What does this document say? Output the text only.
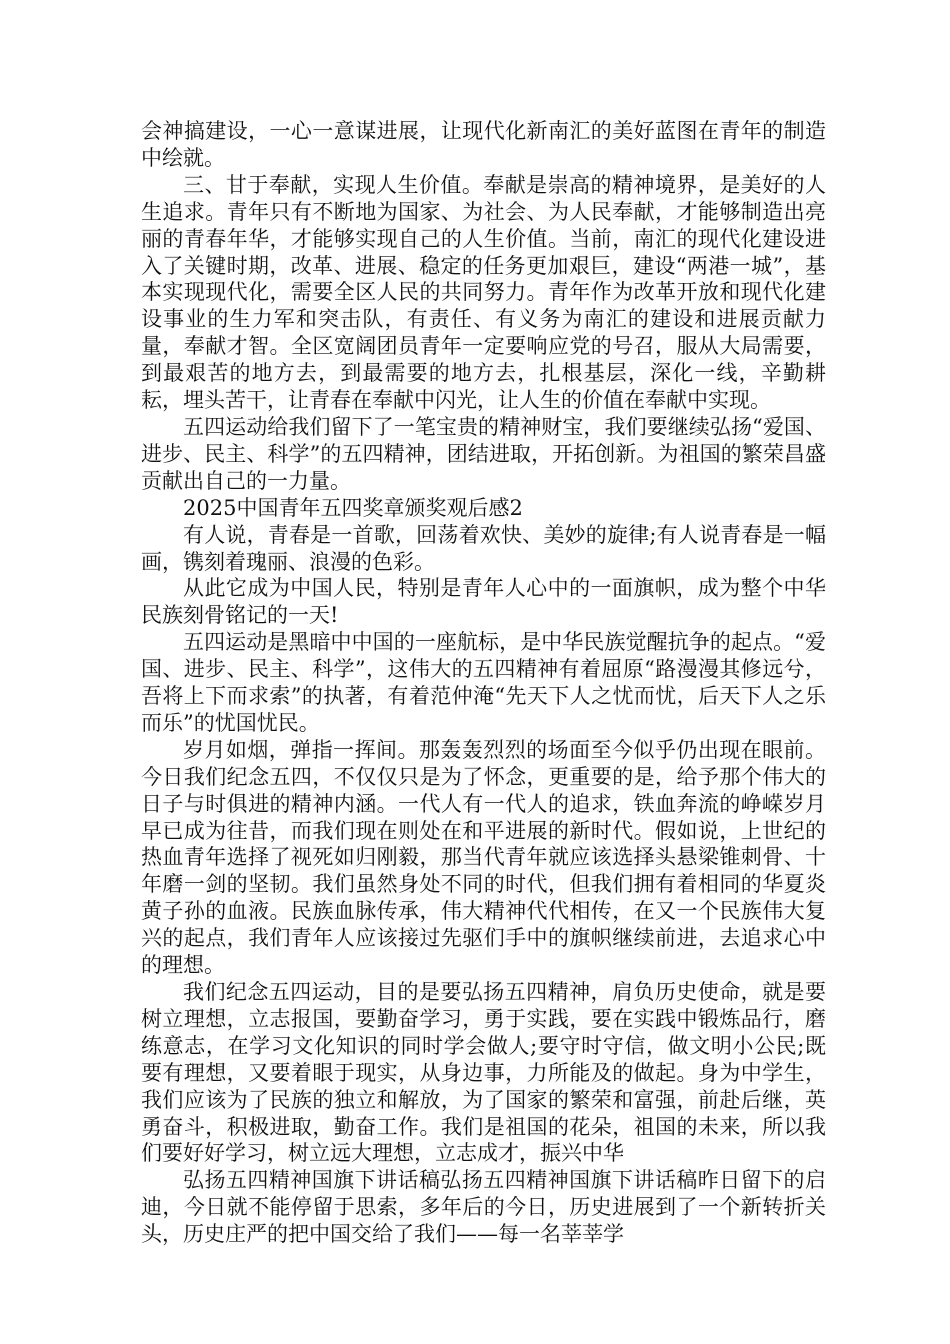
会神搞建设，一心一意谋进展，让现代化新南汇的美好蓝图在青年的制造中绘就。

三、甘于奉献，实现人生价值。奉献是崇高的精神境界，是美好的人生追求。青年只有不断地为国家、为社会、为人民奉献，才能够制造出亮丽的青春年华，才能够实现自己的人生价值。当前，南汇的现代化建设进入了关键时期，改革、进展、稳定的任务更加艰巨，建设“两港一城”，基本实现现代化，需要全区人民的共同努力。青年作为改革开放和现代化建设事业的生力军和突击队，有责任、有义务为南汇的建设和进展贡献力量，奉献才智。全区宽阔团员青年一定要响应党的号召，服从大局需要，到最艰苦的地方去，到最需要的地方去，扎根基层，深化一线，辛勤耕耘，埋头苦干，让青春在奉献中闪光，让人生的价值在奉献中实现。

五四运动给我们留下了一笔宝贵的精神财宝，我们要继续弘扬“爱国、进步、民主、科学”的五四精神，团结进取，开拓创新。为祖国的繁荣昌盛贡献出自己的一力量。

2025中国青年五四奖章颁奖观后感2

有人说，青春是一首歌，回荡着欢快、美妙的旋律;有人说青春是一幅画，镌刻着瑰丽、浪漫的色彩。

从此它成为中国人民，特别是青年人心中的一面旗帜，成为整个中华民族刻骨铭记的一天!

五四运动是黑暗中中国的一座航标，是中华民族觉醒抗争的起点。“爱国、进步、民主、科学”，这伟大的五四精神有着屈原“路漫漫其修远兮，吾将上下而求索”的执著，有着范仲淹“先天下人之忧而忧，后天下人之乐而乐”的忧国忧民。

岁月如烟，弹指一挥间。那轰轰烈烈的场面至今似乎仍出现在眼前。今日我们纪念五四，不仅仅只是为了怀念，更重要的是，给予那个伟大的日子与时俱进的精神内涵。一代人有一代人的追求，铁血奔流的峥嵘岁月早已成为往昔，而我们现在则处在和平进展的新时代。假如说，上世纪的热血青年选择了视死如归刚毅，那当代青年就应该选择头悬梁锥刺骨、十年磨一剑的坚韧。我们虽然身处不同的时代，但我们拥有着相同的华夏炎黄子孙的血液。民族血脉传承，伟大精神代代相传，在又一个民族伟大复兴的起点，我们青年人应该接过先驱们手中的旗帜继续前进，去追求心中的理想。

我们纪念五四运动，目的是要弘扬五四精神，肩负历史使命，就是要树立理想，立志报国，要勤奋学习，勇于实践，要在实践中锻炼品行，磨练意志，在学习文化知识的同时学会做人;要守时守信，做文明小公民;既要有理想，又要着眼于现实，从身边事，力所能及的做起。身为中学生，我们应该为了民族的独立和解放，为了国家的繁荣和富强，前赴后继，英勇奋斗，积极进取，勤奋工作。我们是祖国的花朵，祖国的未来，所以我们要好好学习，树立远大理想，立志成才，振兴中华

弘扬五四精神国旗下讲话稿弘扬五四精神国旗下讲话稿昨日留下的启迪，今日就不能停留于思索，多年后的今日，历史进展到了一个新转折关头，历史庄严的把中国交给了我们——每一名莘莘学
